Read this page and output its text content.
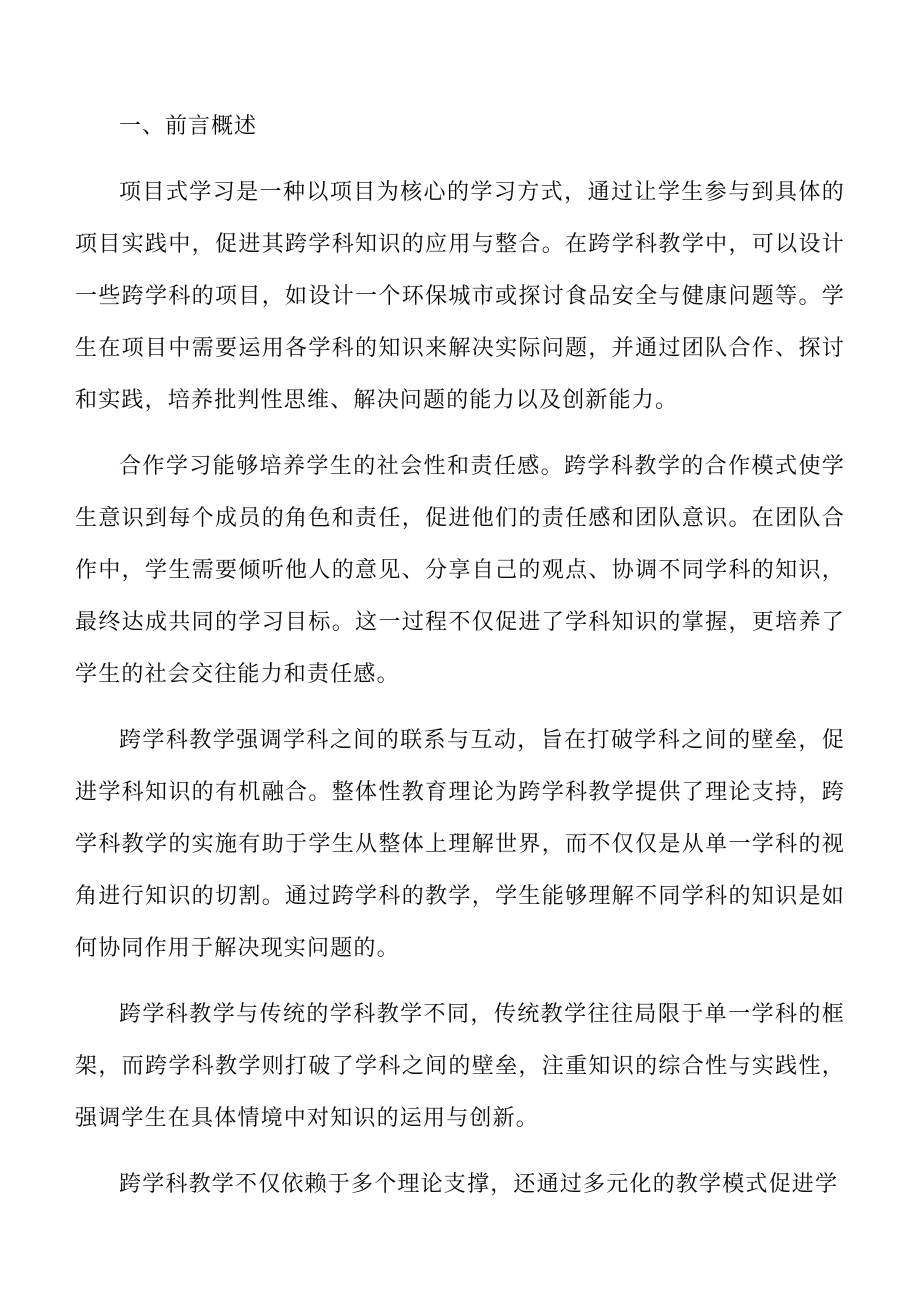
一、前言概述

项目式学习是一种以项目为核心的学习方式，通过让学生参与到具体的项目实践中，促进其跨学科知识的应用与整合。在跨学科教学中，可以设计一些跨学科的项目，如设计一个环保城市或探讨食品安全与健康问题等。学生在项目中需要运用各学科的知识来解决实际问题，并通过团队合作、探讨和实践，培养批判性思维、解决问题的能力以及创新能力。

合作学习能够培养学生的社会性和责任感。跨学科教学的合作模式使学生意识到每个成员的角色和责任，促进他们的责任感和团队意识。在团队合作中，学生需要倾听他人的意见、分享自己的观点、协调不同学科的知识，最终达成共同的学习目标。这一过程不仅促进了学科知识的掌握，更培养了学生的社会交往能力和责任感。

跨学科教学强调学科之间的联系与互动，旨在打破学科之间的壁垒，促进学科知识的有机融合。整体性教育理论为跨学科教学提供了理论支持，跨学科教学的实施有助于学生从整体上理解世界，而不仅仅是从单一学科的视角进行知识的切割。通过跨学科的教学，学生能够理解不同学科的知识是如何协同作用于解决现实问题的。

跨学科教学与传统的学科教学不同，传统教学往往局限于单一学科的框架，而跨学科教学则打破了学科之间的壁垒，注重知识的综合性与实践性，强调学生在具体情境中对知识的运用与创新。

跨学科教学不仅依赖于多个理论支撑，还通过多元化的教学模式促进学
